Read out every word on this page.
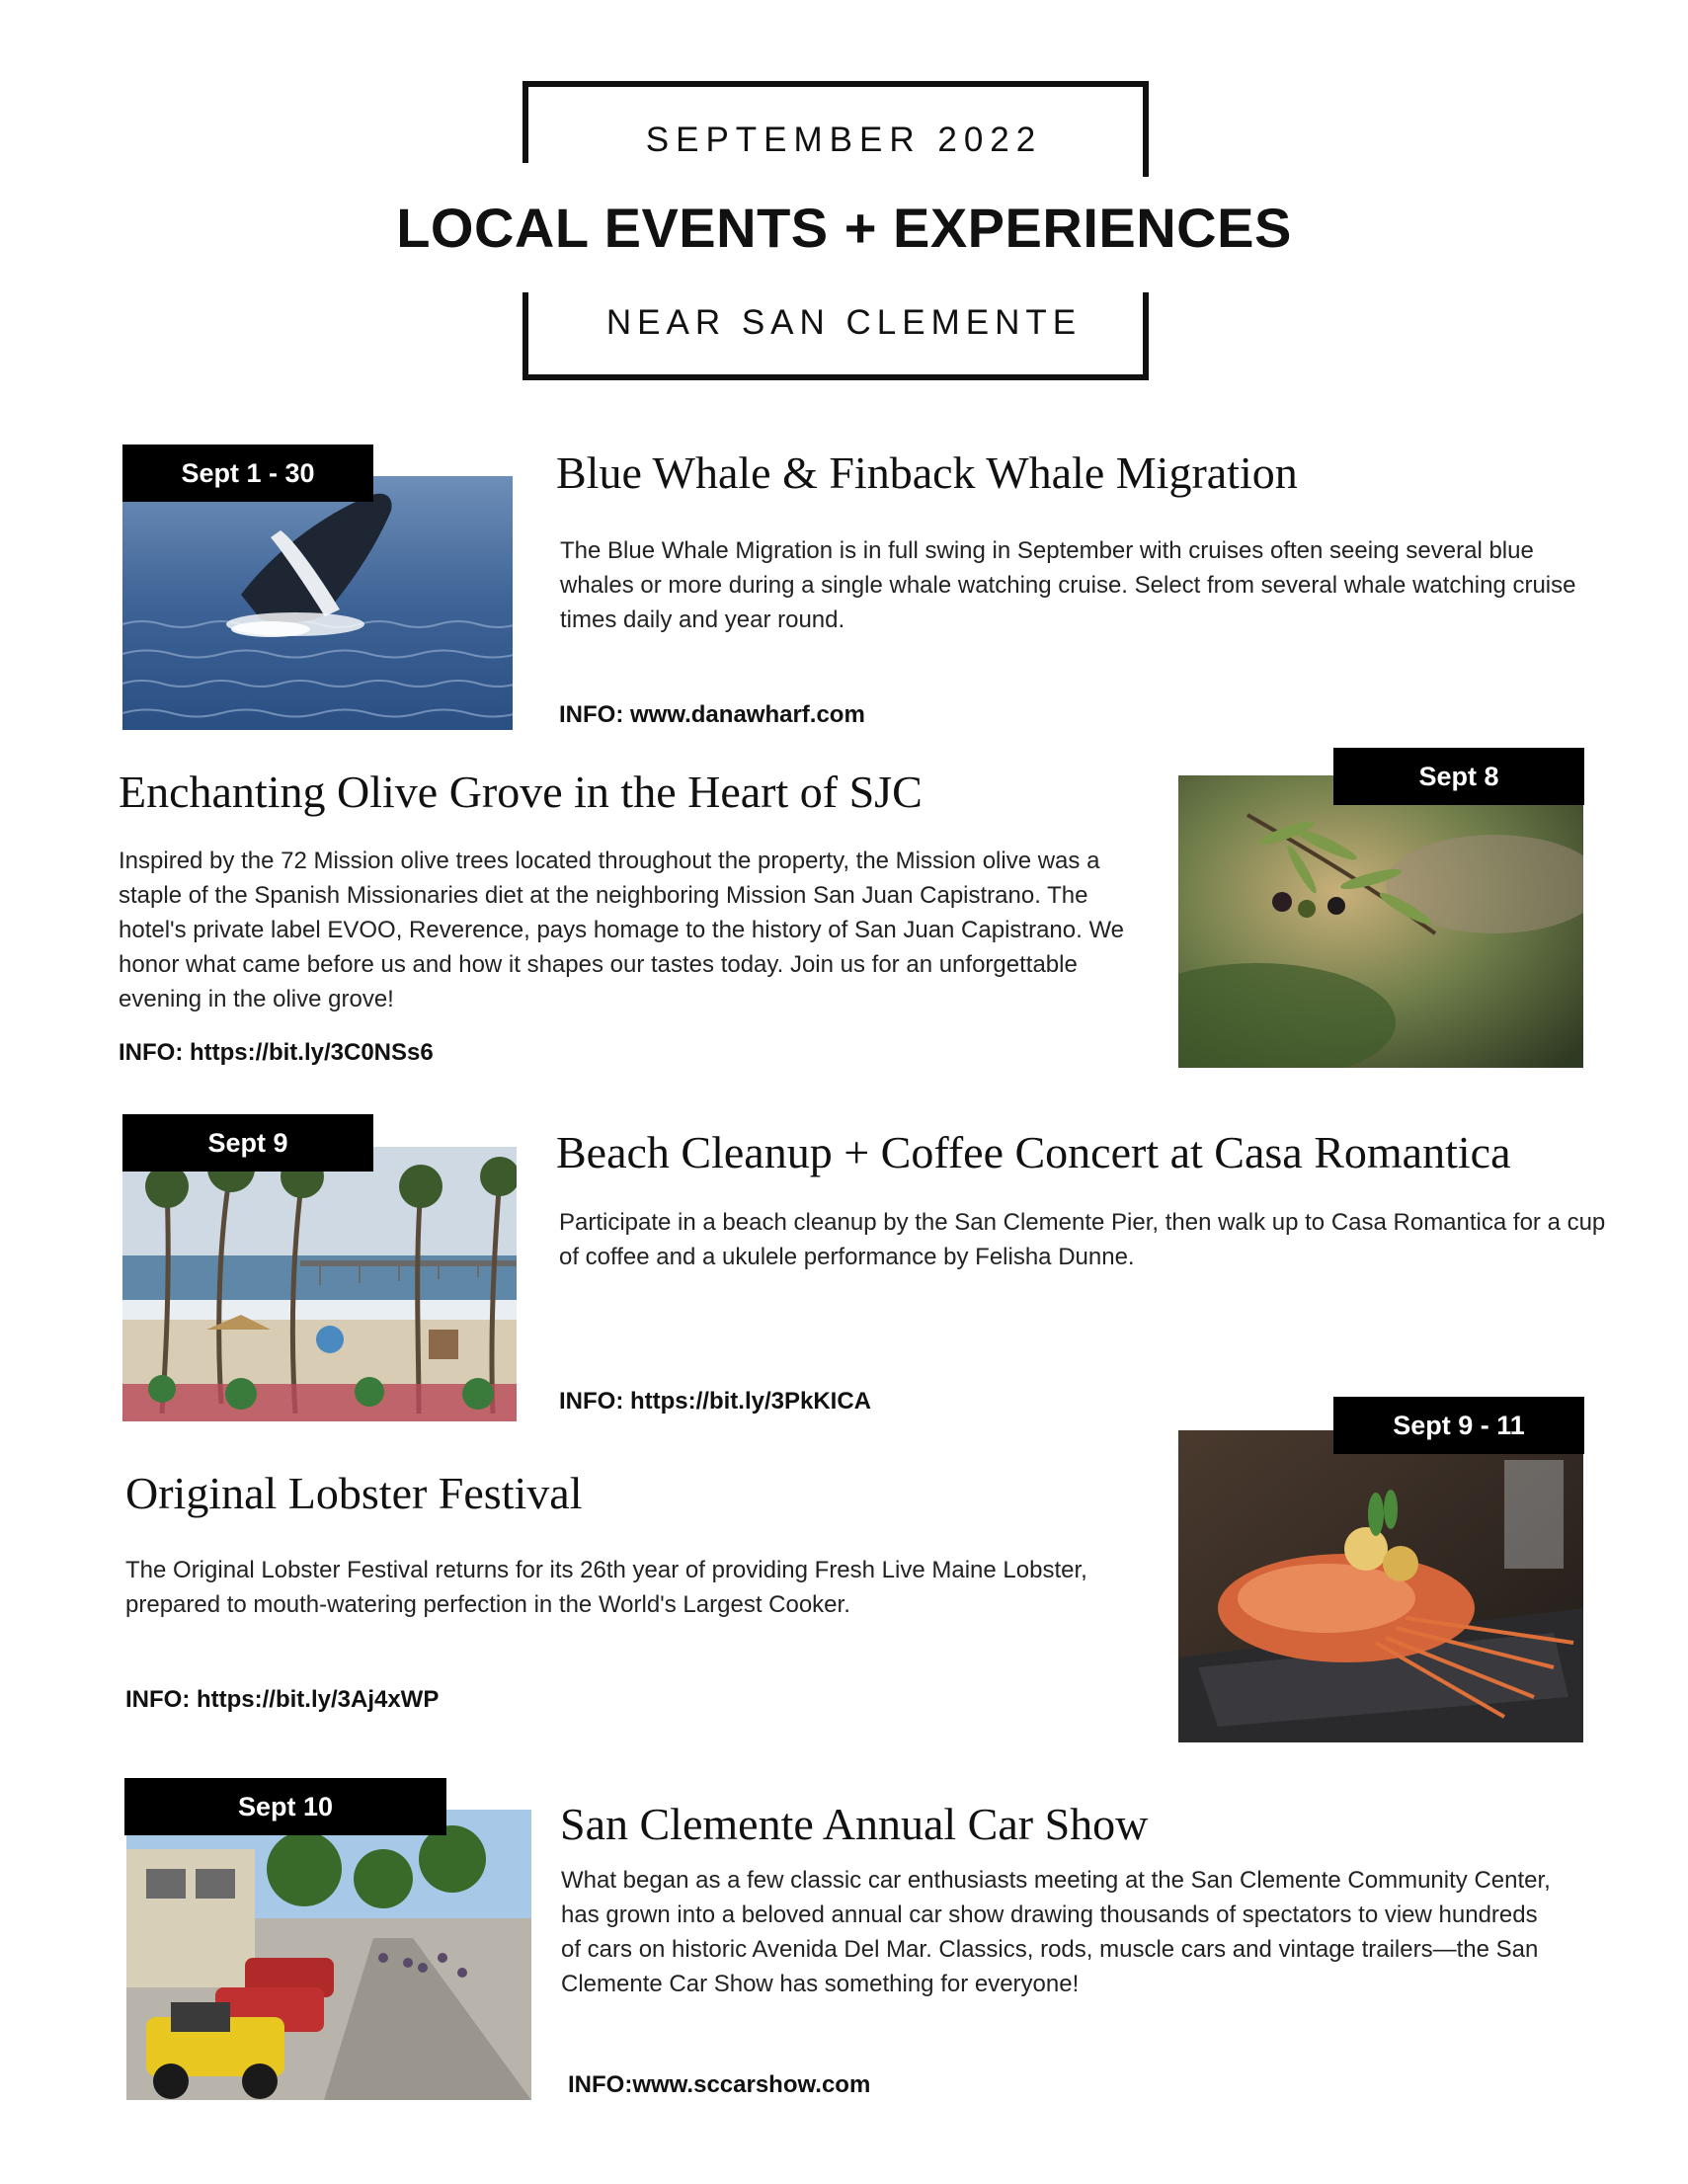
SEPTEMBER 2022
LOCAL EVENTS + EXPERIENCES
NEAR SAN CLEMENTE
Sept 1 - 30	Blue Whale & Finback Whale Migration
The Blue Whale Migration is in full swing in September with cruises often seeing several blue whales or more during a single whale watching cruise. Select from several whale watching cruise times daily and year round.
INFO: www.danawharf.com
Enchanting Olive Grove in the Heart of SJC
Inspired by the 72 Mission olive trees located throughout the property, the Mission olive was a staple of the Spanish Missionaries diet at the neighboring Mission San Juan Capistrano. The hotel's private label EVOO, Reverence, pays homage to the history of San Juan Capistrano. We honor what came before us and how it shapes our tastes today. Join us for an unforgettable evening in the olive grove!
INFO: https://bit.ly/3C0NSs6
Sept 8
Sept 9	Beach Cleanup + Coffee Concert at Casa Romantica
Participate in a beach cleanup by the San Clemente Pier, then walk up to Casa Romantica for a cup of coffee and a ukulele performance by Felisha Dunne.
INFO: https://bit.ly/3PkKICA
Original Lobster Festival
The Original Lobster Festival returns for its 26th year of providing Fresh Live Maine Lobster, prepared to mouth-watering perfection in the World's Largest Cooker.
INFO: https://bit.ly/3Aj4xWP
Sept 9 - 11
Sept 10	San Clemente Annual Car Show
What began as a few classic car enthusiasts meeting at the San Clemente Community Center, has grown into a beloved annual car show drawing thousands of spectators to view hundreds of cars on historic Avenida Del Mar. Classics, rods, muscle cars and vintage trailers—the San Clemente Car Show has something for everyone!
INFO:www.sccarshow.com
